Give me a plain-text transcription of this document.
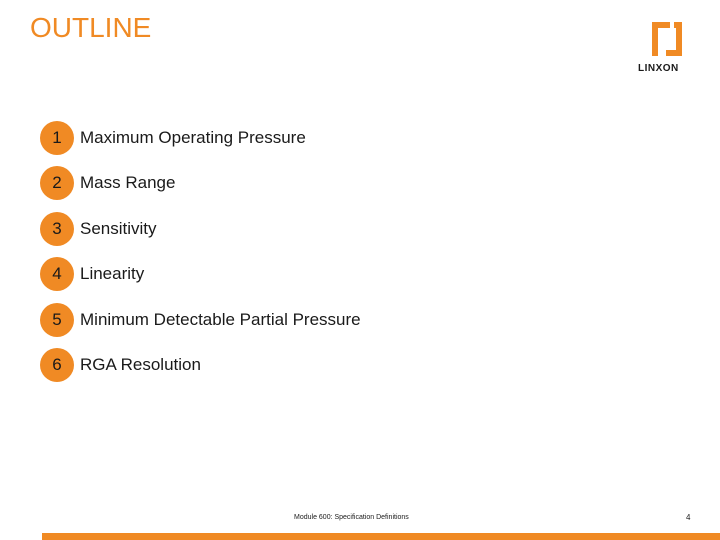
OUTLINE
LINXON
1	Maximum Operating Pressure
2	Mass Range
3	Sensitivity
4	Linearity
5	Minimum Detectable Partial Pressure
6	RGA Resolution
Module 600: Specification Definitions	4
